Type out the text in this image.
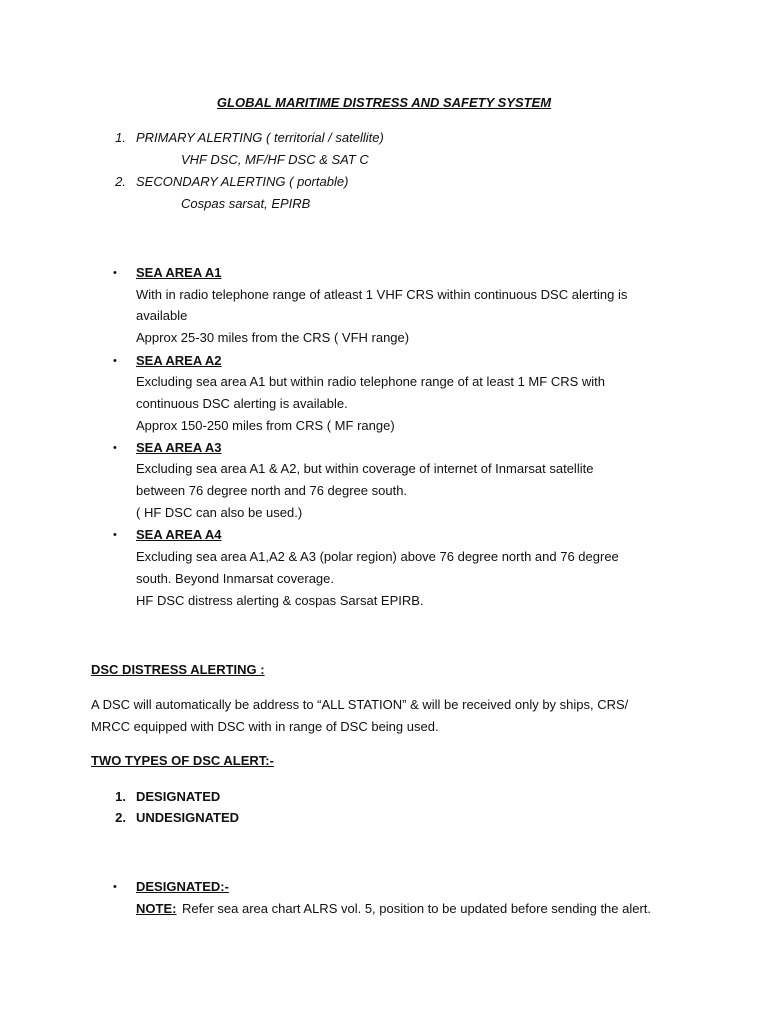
GLOBAL MARITIME DISTRESS AND SAFETY SYSTEM
1. PRIMARY ALERTING ( territorial / satellite)
VHF DSC, MF/HF DSC & SAT C
2. SECONDARY ALERTING ( portable)
Cospas sarsat, EPIRB
• SEA AREA A1
With in radio telephone range of atleast 1 VHF CRS within continuous DSC alerting is
available
Approx 25-30 miles from the CRS ( VFH range)
• SEA AREA A2
Excluding sea area A1 but within radio telephone range of at least 1 MF CRS with
continuous DSC alerting is available.
Approx 150-250 miles from CRS ( MF range)
• SEA AREA A3
Excluding sea area A1 & A2, but within coverage of internet of Inmarsat satellite
between 76 degree north and 76 degree south.
( HF DSC can also be used.)
• SEA AREA A4
Excluding sea area A1,A2 & A3 (polar region) above 76 degree north and 76 degree
south. Beyond Inmarsat coverage.
HF DSC distress alerting & cospas Sarsat EPIRB.
DSC DISTRESS ALERTING :
A DSC will automatically be address to “ALL STATION” & will be received only by ships, CRS/
MRCC equipped with DSC with in range of DSC being used.
TWO TYPES OF DSC ALERT:-
1. DESIGNATED
2. UNDESIGNATED
• DESIGNATED:-
NOTE: Refer sea area chart ALRS vol. 5, position to be updated before sending the alert.
